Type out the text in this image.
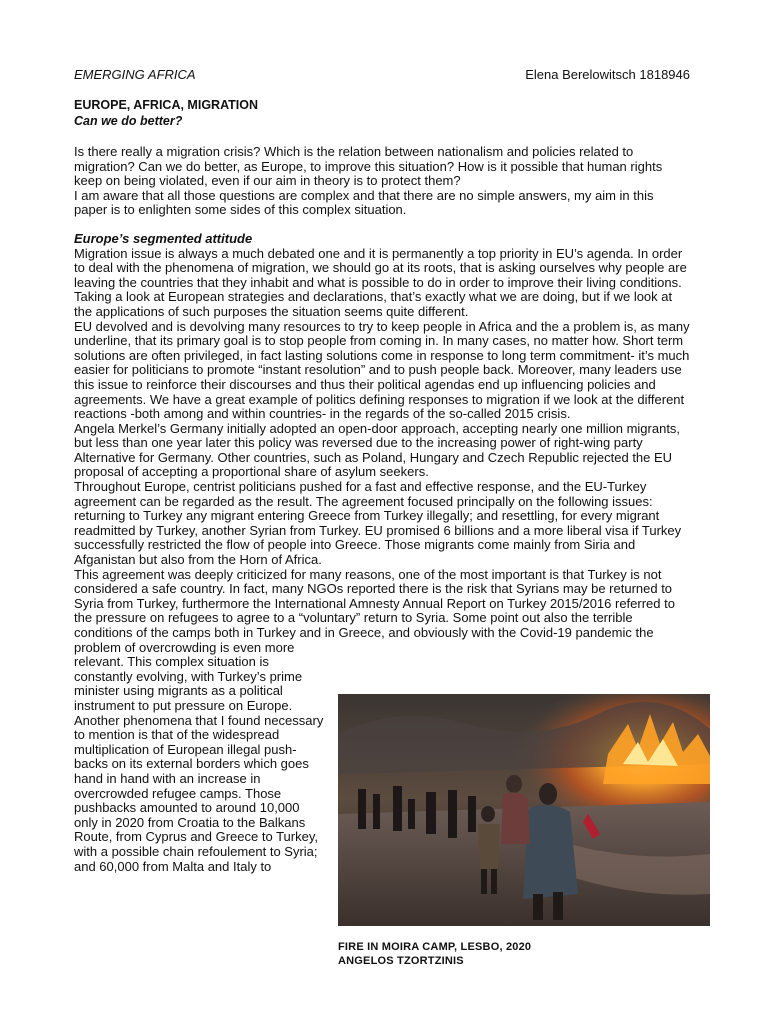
EMERGING AFRICA	Elena Berelowitsch 1818946
EUROPE, AFRICA, MIGRATION
Can we do better?

Is there really a migration crisis? Which is the relation between nationalism and policies related to migration? Can we do better, as Europe, to improve this situation? How is it possible that human rights keep on being violated, even if our aim in theory is to protect them?

I am aware that all those questions are complex and that there are no simple answers, my aim in this paper is to enlighten some sides of this complex situation.

Europe’s segmented attitude

Migration issue is always a much debated one and it is permanently a top priority in EU’s agenda. In order to deal with the phenomena of migration, we should go at its roots, that is asking ourselves why people are leaving the countries that they inhabit and what is possible to do in order to improve their living conditions. Taking a look at European strategies and declarations, that’s exactly what we are doing, but if we look at the applications of such purposes the situation seems quite different.

EU devolved and is devolving many resources to try to keep people in Africa and the a problem is, as many underline, that its primary goal is to stop people from coming in. In many cases, no matter how. Short term solutions are often privileged, in fact lasting solutions come in response to long term commitment- it’s much easier for politicians to promote “instant resolution” and to push people back. Moreover, many leaders use this issue to reinforce their discourses and thus their political agendas end up influencing policies and agreements. We have a great example of politics defining responses to migration if we look at the different reactions -both among and within countries- in the regards of the so-called 2015 crisis.

Angela Merkel’s Germany initially adopted an open-door approach, accepting nearly one million migrants, but less than one year later this policy was reversed due to the increasing power of right-wing party Alternative for Germany. Other countries, such as Poland, Hungary and Czech Republic rejected the EU proposal of accepting a proportional share of asylum seekers.

Throughout Europe, centrist politicians pushed for a fast and effective response, and the EU-Turkey agreement can be regarded as the result. The agreement focused principally on the following issues: returning to Turkey any migrant entering Greece from Turkey illegally; and resettling, for every migrant readmitted by Turkey, another Syrian from Turkey. EU promised 6 billions and a more liberal visa if Turkey successfully restricted the flow of people into Greece. Those migrants come mainly from Siria and Afganistan but also from the Horn of Africa.

This agreement was deeply criticized for many reasons, one of the most important is that Turkey is not considered a safe country. In fact, many NGOs reported there is the risk that Syrians may be returned to Syria from Turkey, furthermore the International Amnesty Annual Report on Turkey 2015/2016 referred to the pressure on refugees to agree to a “voluntary” return to Syria. Some point out also the terrible conditions of the camps both in Turkey and in Greece, and obviously with the Covid-19 pandemic the

problem of overcrowding is even more relevant. This complex situation is constantly evolving, with Turkey’s prime minister using migrants as a political instrument to put pressure on Europe.

Another phenomena that I found necessary to mention is that of the widespread multiplication of European illegal push-backs on its external borders which goes hand in hand with an increase in overcrowded refugee camps. Those pushbacks amounted to around 10,000 only in 2020 from Croatia to the Balkans Route, from Cyprus and Greece to Turkey, with a possible chain refoulement to Syria; and 60,000 from Malta and Italy to

FIRE IN MOIRA CAMP, LESBO, 2020
ANGELOS TZORTZINIS
